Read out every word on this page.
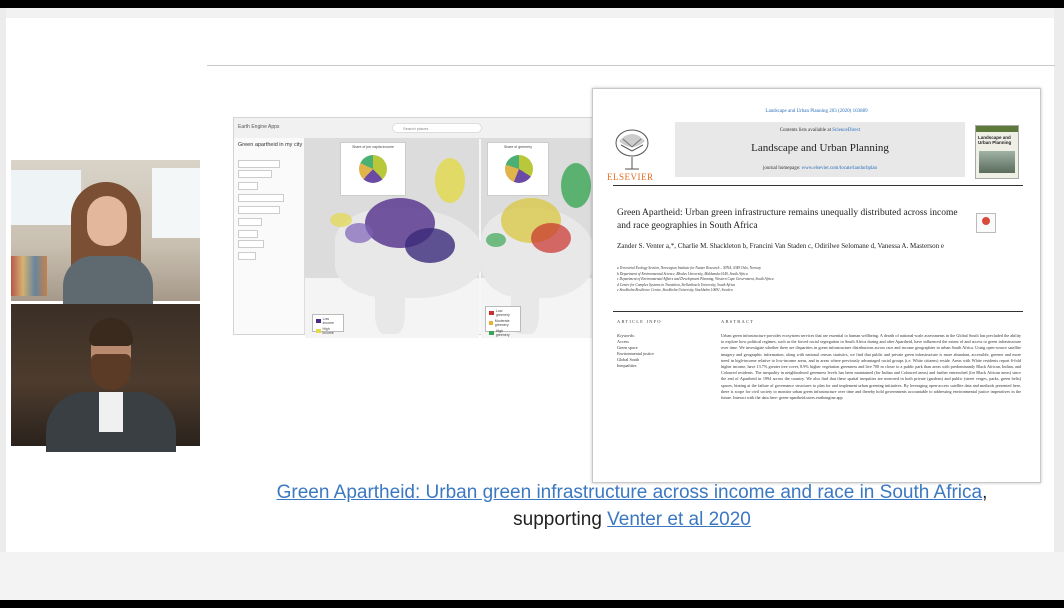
Earth Engine Apps	Search places
Green apartheid in my city	Share of per capita income
Low income
High income
Share of greenery
Low greenery
Moderate greenery
High greenery
Landscape and Urban Planning 203 (2020) 103889
ELSEVIER
Contents lists available at ScienceDirect
Landscape and Urban Planning
journal homepage: www.elsevier.com/locate/landurbplan
Landscape and Urban Planning
Green Apartheid: Urban green infrastructure remains unequally distributed across income and race geographies in South Africa
Zander S. Venter a,*, Charlie M. Shackleton b, Francini Van Staden c, Odirilwe Selomane d, Vanessa A. Masterson e
a Terrestrial Ecology Section, Norwegian Institute for Nature Research – NINA, 0349 Oslo, Norway
b Department of Environmental Science, Rhodes University, Makhanda 6140, South Africa
c Department of Environmental Affairs and Development Planning, Western Cape Government, South Africa
d Centre for Complex Systems in Transition, Stellenbosch University, South Africa
e Stockholm Resilience Centre, Stockholm University, Stockholm 10691, Sweden
ARTICLE INFO	ABSTRACT
Keywords:
Access
Green space
Environmental justice
Global South
Inequalities
Urban green infrastructure provides ecosystem services that are essential to human wellbeing. A dearth of national-scale assessments in the Global South has precluded the ability to explore how political regimes, such as the forced racial segregation in South Africa during and after Apartheid, have influenced the extent of and access to green infrastructure over time. We investigate whether there are disparities in green infrastructure distributions across race and income geographies in urban South Africa. Using open-source satellite imagery and geographic information, along with national census statistics, we find that public and private green infrastructure is more abundant, accessible, greener and more treed in high-income relative to low-income areas, and in areas where previously advantaged racial groups (i.e. White citizens) reside. Areas with White residents report 6-fold higher income, have 13.7% greater tree cover, 8.9% higher vegetation greenness and live 700 m closer to a public park than areas with predominantly Black African, Indian, and Coloured residents. The inequality in neighborhood greenness levels has been maintained (for Indian and Coloured areas) and further entrenched (for Black African areas) since the end of Apartheid in 1994 across the country. We also find that these spatial inequities are mirrored in both private (gardens) and public (street verges, parks, green belts) spaces, hinting at the failure of governance structures to plan for and implement urban greening initiatives. By leveraging open-access satellite data and methods presented here, there is scope for civil society to monitor urban green infrastructure over time and thereby hold governments accountable to addressing environmental justice imperatives in the future. Interact with the data here: green-apartheid.users.earthengine.app
Green Apartheid: Urban green infrastructure across income and race in South Africa,
supporting Venter et al 2020
